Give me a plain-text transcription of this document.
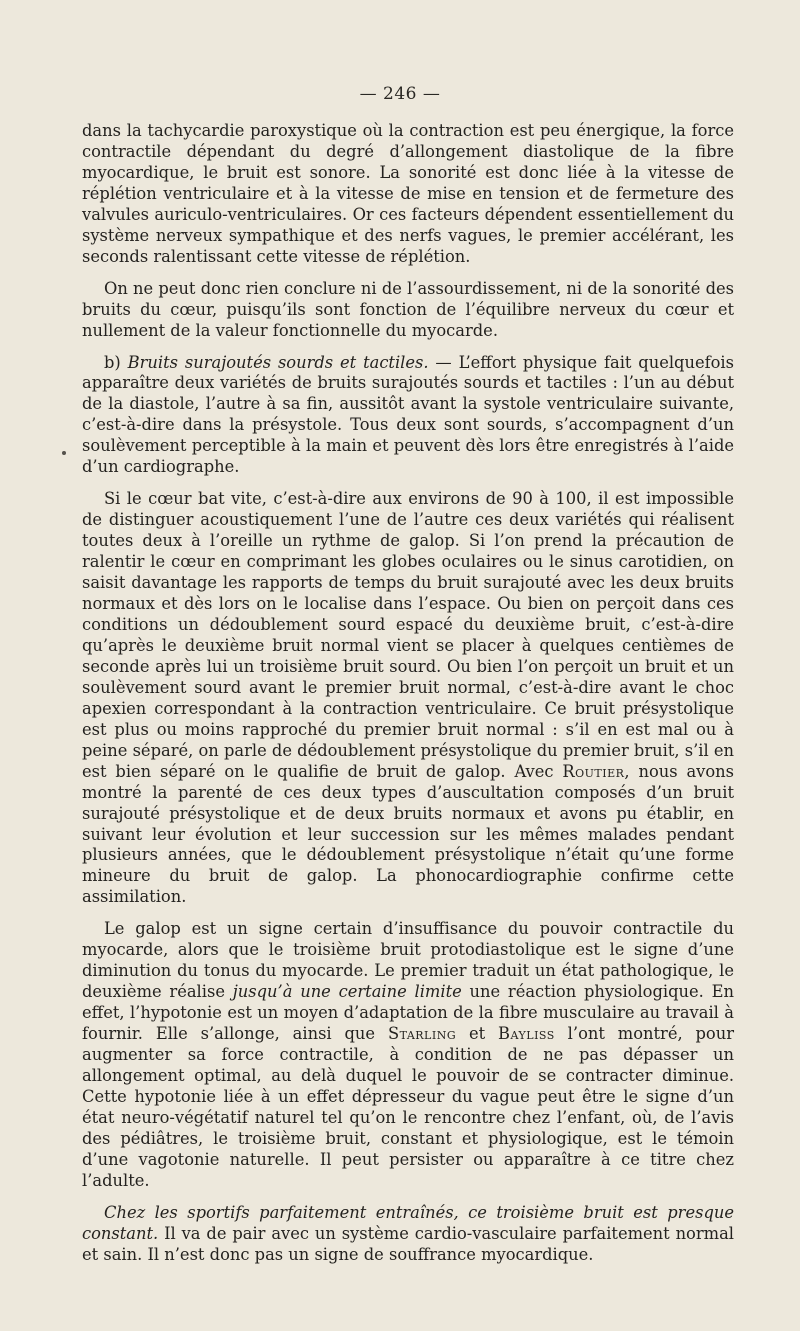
— 246 —

dans la tachycardie paroxystique où la contraction est peu énergique, la force contractile dépendant du degré d’allongement diastolique de la fibre myocardique, le bruit est sonore. La sonorité est donc liée à la vitesse de réplétion ventriculaire et à la vitesse de mise en tension et de fermeture des valvules auriculo-ventriculaires. Or ces facteurs dépendent essentiellement du système nerveux sympathique et des nerfs vagues, le premier accélérant, les seconds ralentissant cette vitesse de réplétion.

On ne peut donc rien conclure ni de l’assourdissement, ni de la sonorité des bruits du cœur, puisqu’ils sont fonction de l’équilibre nerveux du cœur et nullement de la valeur fonctionnelle du myocarde.

b) Bruits surajoutés sourds et tactiles. — L’effort physique fait quelquefois apparaître deux variétés de bruits surajoutés sourds et tactiles : l’un au début de la diastole, l’autre à sa fin, aussitôt avant la systole ventriculaire suivante, c’est-à-dire dans la présystole. Tous deux sont sourds, s’accompagnent d’un soulèvement perceptible à la main et peuvent dès lors être enregistrés à l’aide d’un cardiographe.

Si le cœur bat vite, c’est-à-dire aux environs de 90 à 100, il est impossible de distinguer acoustiquement l’une de l’autre ces deux variétés qui réalisent toutes deux à l’oreille un rythme de galop. Si l’on prend la précaution de ralentir le cœur en comprimant les globes oculaires ou le sinus carotidien, on saisit davantage les rapports de temps du bruit surajouté avec les deux bruits normaux et dès lors on le localise dans l’espace. Ou bien on perçoit dans ces conditions un dédoublement sourd espacé du deuxième bruit, c’est-à-dire qu’après le deuxième bruit normal vient se placer à quelques centièmes de seconde après lui un troisième bruit sourd. Ou bien l’on perçoit un bruit et un soulèvement sourd avant le premier bruit normal, c’est-à-dire avant le choc apexien correspondant à la contraction ventriculaire. Ce bruit présystolique est plus ou moins rapproché du premier bruit normal : s’il en est mal ou à peine séparé, on parle de dédoublement présystolique du premier bruit, s’il en est bien séparé on le qualifie de bruit de galop. Avec Routier, nous avons montré la parenté de ces deux types d’auscultation composés d’un bruit surajouté présystolique et de deux bruits normaux et avons pu établir, en suivant leur évolution et leur succession sur les mêmes malades pendant plusieurs années, que le dédoublement présystolique n’était qu’une forme mineure du bruit de galop. La phonocardiographie confirme cette assimilation.

Le galop est un signe certain d’insuffisance du pouvoir contractile du myocarde, alors que le troisième bruit protodiastolique est le signe d’une diminution du tonus du myocarde. Le premier traduit un état pathologique, le deuxième réalise jusqu’à une certaine limite une réaction physiologique. En effet, l’hypotonie est un moyen d’adaptation de la fibre musculaire au travail à fournir. Elle s’allonge, ainsi que Starling et Bayliss l’ont montré, pour augmenter sa force contractile, à condition de ne pas dépasser un allongement optimal, au delà duquel le pouvoir de se contracter diminue. Cette hypotonie liée à un effet dépresseur du vague peut être le signe d’un état neuro-végétatif naturel tel qu’on le rencontre chez l’enfant, où, de l’avis des pédiâtres, le troisième bruit, constant et physiologique, est le témoin d’une vagotonie naturelle. Il peut persister ou apparaître à ce titre chez l’adulte.

Chez les sportifs parfaitement entraînés, ce troisième bruit est presque constant. Il va de pair avec un système cardio-vasculaire parfaitement normal et sain. Il n’est donc pas un signe de souffrance myocardique.
